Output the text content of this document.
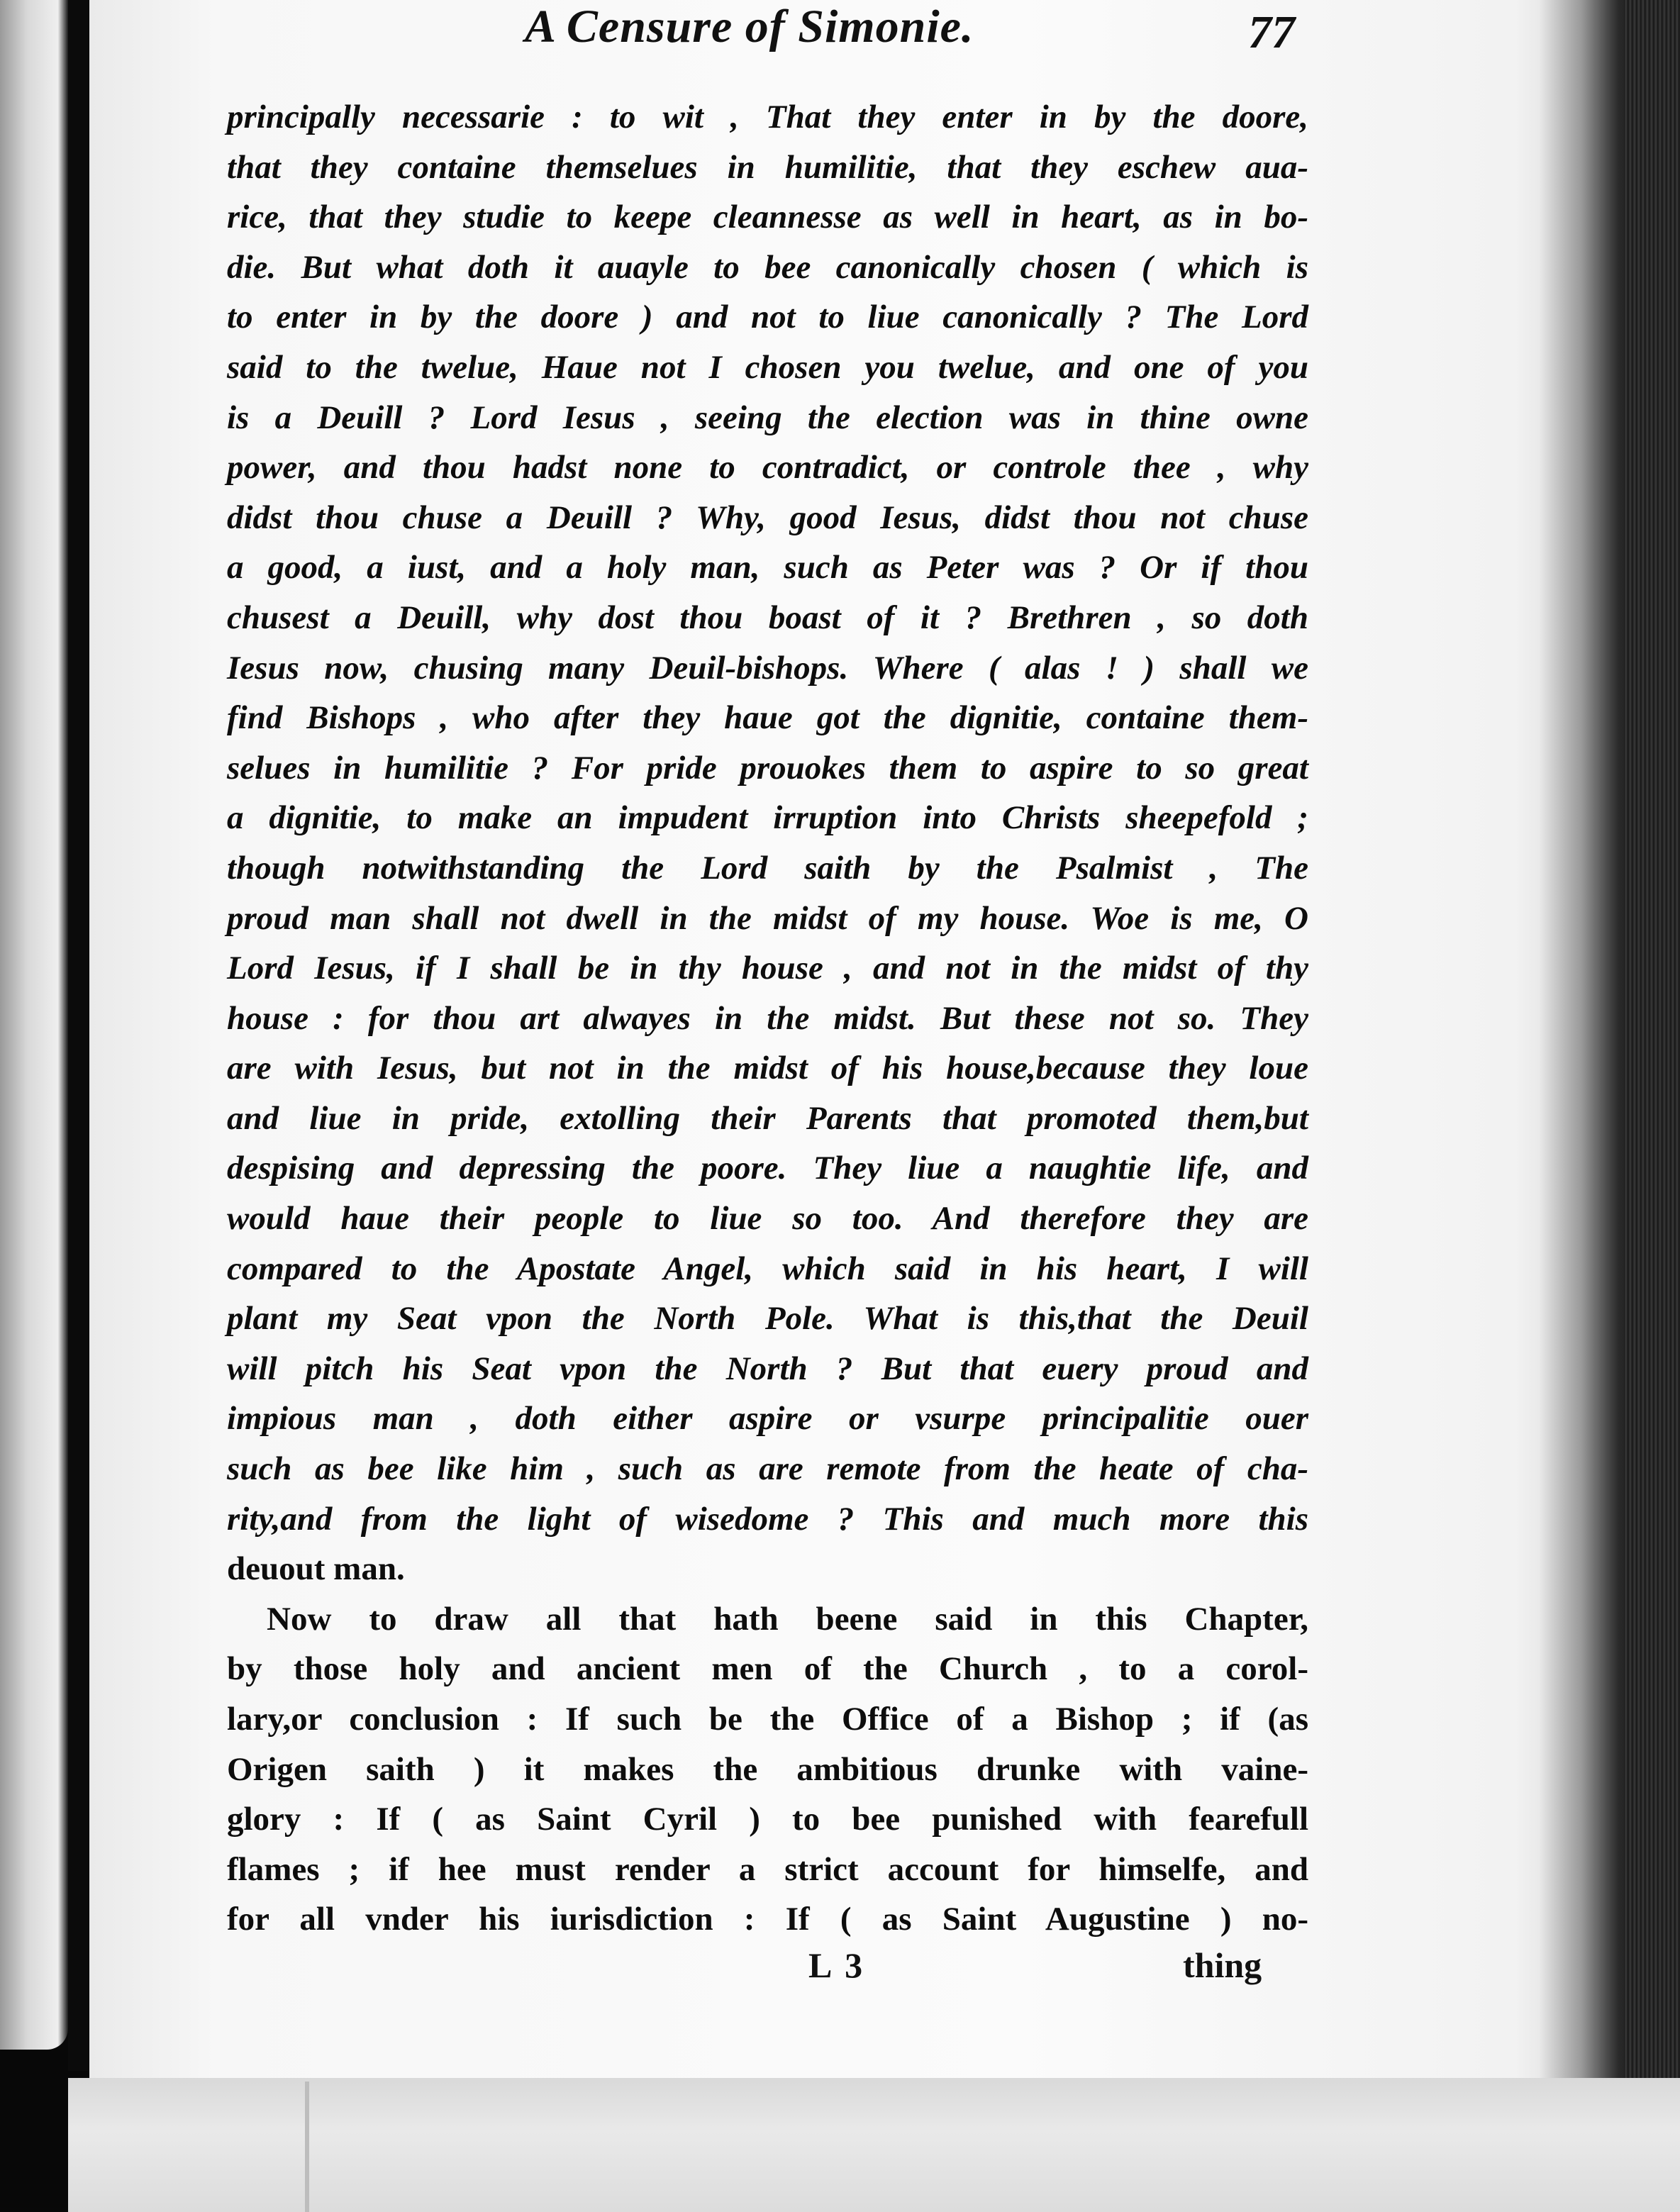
A Censure of Simonie.	77
principally necessarie : to wit , That they enter in by the doore,
that they containe themselues in humilitie, that they eschew aua-
rice, that they studie to keepe cleannesse as well in heart, as in bo-
die. But what doth it auayle to bee canonically chosen ( which is
to enter in by the doore ) and not to liue canonically ? The Lord
said to the twelue, Haue not I chosen you twelue, and one of you
is a Deuill ? Lord Iesus , seeing the election was in thine owne
power, and thou hadst none to contradict, or controle thee , why
didst thou chuse a Deuill ? Why, good Iesus, didst thou not chuse
a good, a iust, and a holy man, such as Peter was ? Or if thou
chusest a Deuill, why dost thou boast of it ? Brethren , so doth
Iesus now, chusing many Deuil-bishops. Where ( alas ! ) shall we
find Bishops , who after they haue got the dignitie, containe them-
selues in humilitie ? For pride prouokes them to aspire to so great
a dignitie, to make an impudent irruption into Christs sheepefold ;
though notwithstanding the Lord saith by the Psalmist , The
proud man shall not dwell in the midst of my house. Woe is me, O
Lord Iesus, if I shall be in thy house , and not in the midst of thy
house : for thou art alwayes in the midst. But these not so. They
are with Iesus, but not in the midst of his house,because they loue
and liue in pride, extolling their Parents that promoted them,but
despising and depressing the poore. They liue a naughtie life, and
would haue their people to liue so too. And therefore they are
compared to the Apostate Angel, which said in his heart, I will
plant my Seat vpon the North Pole. What is this,that the Deuil
will pitch his Seat vpon the North ? But that euery proud and
impious man , doth either aspire or vsurpe principalitie ouer
such as bee like him , such as are remote from the heate of cha-
rity,and from the light of wisedome ? This and much more this
deuout man.
Now to draw all that hath beene said in this Chapter,
by those holy and ancient men of the Church , to a corol-
lary,or conclusion : If such be the Office of a Bishop ; if (as
Origen saith ) it makes the ambitious drunke with vaine-
glory : If ( as Saint Cyril ) to bee punished with fearefull
flames ; if hee must render a strict account for himselfe, and
for all vnder his iurisdiction : If ( as Saint Augustine ) no-
L 3	thing
